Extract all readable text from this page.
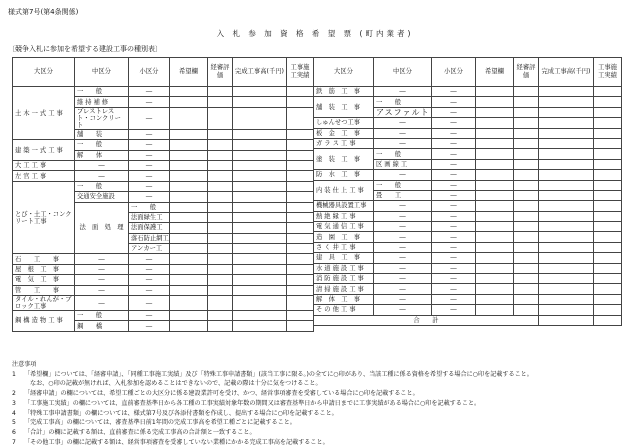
様式第7号(第4条関係)
入 札 参 加 資 格 希 望 票 (町内業者)
〔競争入札に参加を希望する建設工事の種別表〕
大区分	中区分	小区分	希望欄	経審評価	完成工事高(千円)	工事施工実績
土 木 一 式 工 事	一　　般	―				
	維 持 補 修	―				
	プレストレスト・コンクリート	―				

	舗　　装	―				
建 築 一 式 工 事	一　　般	―				
	解　　体	―				
大 工 工 事	―	―				
左 官 工 事	―	―				
とび・土工・コンクリート工事	一　　般	―				
	交通安全施設	―				
	法　面　処　理	一　　般				
		法面緑生工				
		法面保護工				
		落石防止網工				
		アンカー工				
石　　工　　事	―	―				
屋　根　工　事	―	―				
電　気　工　事	―	―				
管　　工　　事	―	―				
タイル・れんが・ブロック工事	―	―				

鋼 構 造 物 工 事	一　　般	―				
	鋼　　橋	―				

大区分	中区分	小区分	希望欄	経審評価	完成工事高(千円)	工事施工実績
鉄　筋　工　事	―	―				
舗　装　工　事	一　　般	―				
	アスファルト	―				

しゅんせつ工事	―	―				
板　金　工　事	―	―				
ガ ラ ス 工 事	―	―				
塗　装　工　事	一　　般	―				

	区 画 線 工	―				
防　水　工　事	―	―				
内 装 仕 上 工 事	一　　般	―				

	畳　　工	―				
機械器具設置工事	―	―				
熱 絶 縁 工 事	―	―				
電 気 通 信 工 事	―	―				
造　園　工　事	―	―				
さ く 井 工 事	―	―				
建　具　工　事	―	―				
水 道 施 設 工 事	―	―				
消 防 施 設 工 事	―	―				
清 掃 施 設 工 事	―	―				

解　体　工　事	―	―				
そ の 他 工 事	―	―				
合　　計						
注意事項
1 「希望欄」については、「経審申請」、「同種工事施工実績」及び「特殊工事申請書類」(該当工事に限る。)の全てに○印があり、当該工種に係る資格を希望する場合に○印を記載すること。
なお、○印の記載が無ければ、入札参加を認めることはできないので、記載の際は十分に気をつけること。
2 「経審申請」の欄については、希望工種ごとの大区分に係る建設業許可を受け、かつ、経営事項審査を受審している場合に○印を記載すること。
3 「工事施工実績」の欄については、直前審査基準日から各工種の工事実績対象年数の期間又は審査基準日から申請日までに工事実績がある場合に○印を記載すること。
4 「特殊工事申請書類」の欄については、様式第7号及び各添付書類を作成し、提出する場合に○印を記載すること。
5 「完成工事高」の欄については、審査基準日前1年間の完成工事高を希望工種ごとに記載すること。
6 「合計」の欄に記載する額は、直前審査に係る完成工事高の合計額と一致すること。
7 「その他工事」の欄に記載する額は、経営事項審査を受審していない業種にかかる完成工事高を記載すること。
